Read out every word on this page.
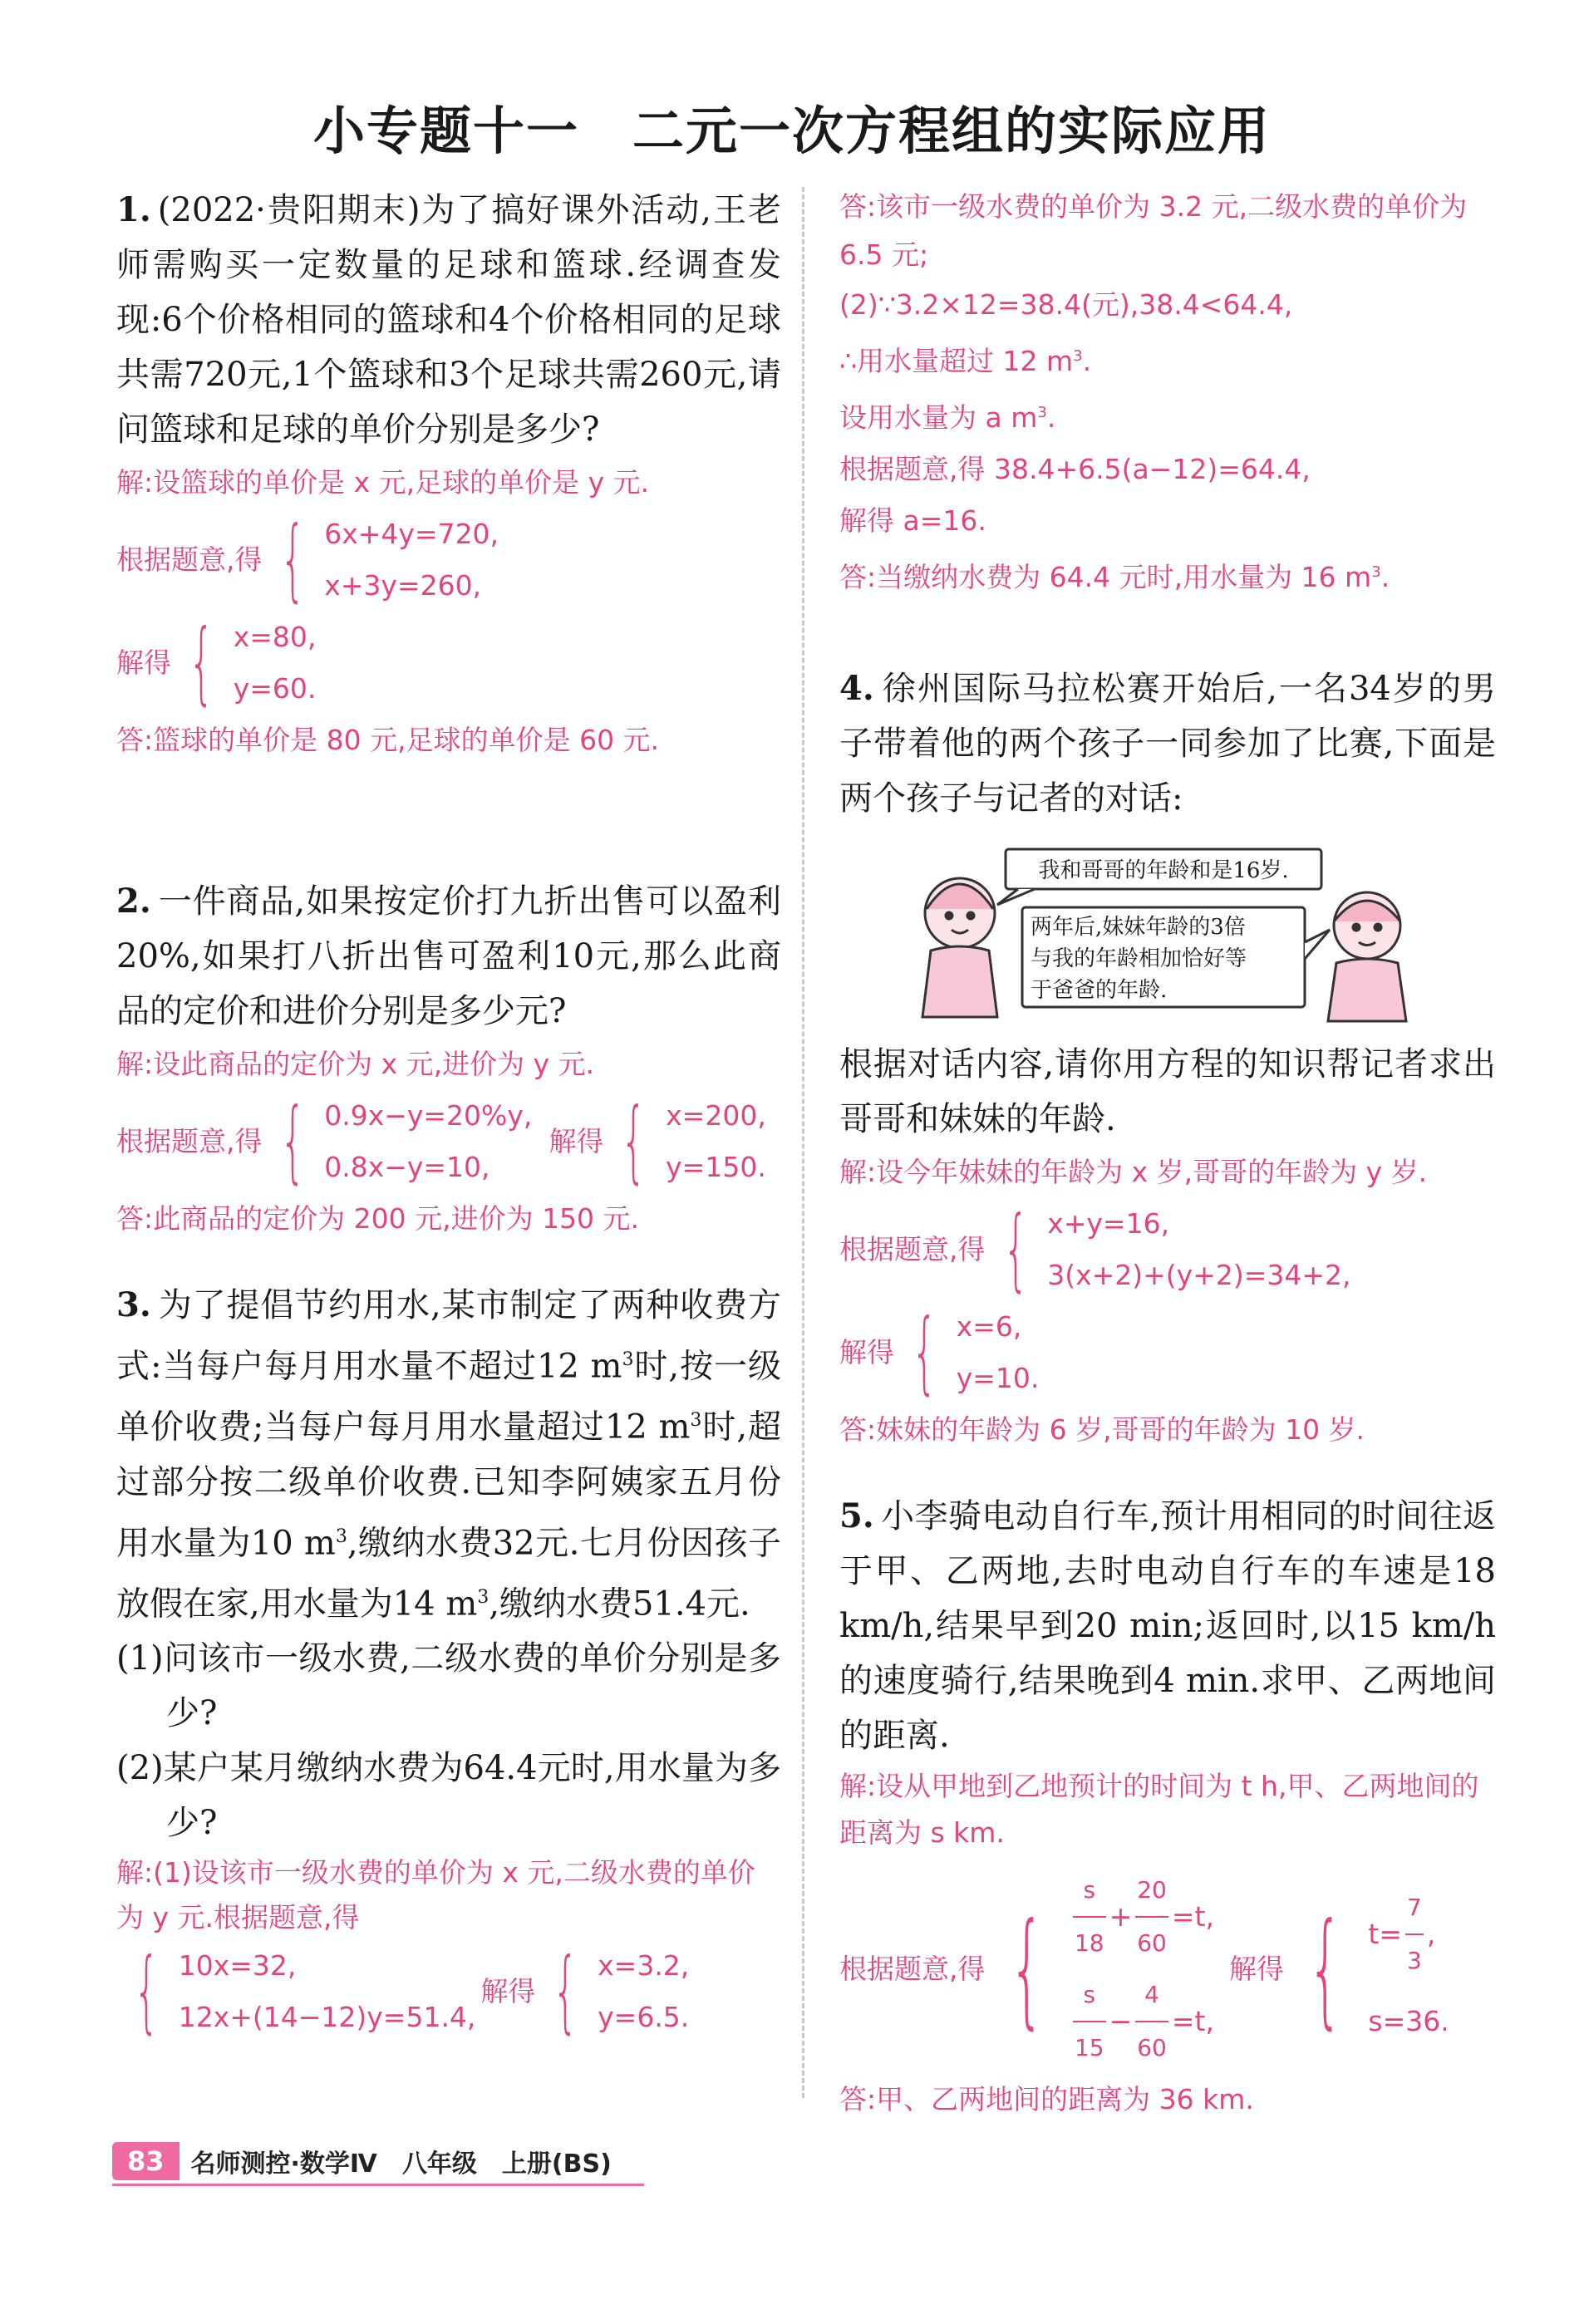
小专题十一　二元一次方程组的实际应用

1. (2022·贵阳期末)为了搞好课外活动,王老师需购买一定数量的足球和篮球.经调查发现:6个价格相同的篮球和4个价格相同的足球共需720元,1个篮球和3个足球共需260元,请问篮球和足球的单价分别是多少?

解:设篮球的单价是 x 元,足球的单价是 y 元.

根据题意,得 { 6x+4y=720,
x+3y=260,
解得 { x=80,
y=60.

答:篮球的单价是 80 元,足球的单价是 60 元.

2. 一件商品,如果按定价打九折出售可以盈利20%,如果打八折出售可盈利10元,那么此商品的定价和进价分别是多少元?

解:设此商品的定价为 x 元,进价为 y 元.

根据题意,得 { 0.9x−y=20%y,
0.8x−y=10,
解得 { x=200,
y=150.

答:此商品的定价为 200 元,进价为 150 元.

3. 为了提倡节约用水,某市制定了两种收费方式:当每户每月用水量不超过12 $m^3$时,按一级单价收费;当每户每月用水量超过12 $m^3$时,超过部分按二级单价收费.已知李阿姨家五月份用水量为10 $m^3$,缴纳水费32元.七月份因孩子放假在家,用水量为14 $m^3$,缴纳水费51.4元.

(1)问该市一级水费,二级水费的单价分别是多少?

(2)某户某月缴纳水费为64.4元时,用水量为多少?

解:(1)设该市一级水费的单价为 x 元,二级水费的单价为 y 元.根据题意,得

{ 10x=32,
12x+(14−12)y=51.4,
解得 { x=3.2,
y=6.5.

答:该市一级水费的单价为 3.2 元,二级水费的单价为 6.5 元;

(2)∵3.2×12=38.4(元),38.4<64.4,

∴用水量超过 12 $m^3$.

设用水量为 a $m^3$.

根据题意,得 38.4+6.5(a−12)=64.4,

解得 a=16.

答:当缴纳水费为 64.4 元时,用水量为 16 $m^3$.

4. 徐州国际马拉松赛开始后,一名34岁的男子带着他的两个孩子一同参加了比赛,下面是两个孩子与记者的对话:

我和哥哥的年龄和是16岁.
两年后,妹妹年龄的3倍
与我的年龄相加恰好等
于爸爸的年龄.

根据对话内容,请你用方程的知识帮记者求出哥哥和妹妹的年龄.

解:设今年妹妹的年龄为 x 岁,哥哥的年龄为 y 岁.

根据题意,得 { x+y=16,
3(x+2)+(y+2)=34+2,
解得 { x=6,
y=10.

答:妹妹的年龄为 6 岁,哥哥的年龄为 10 岁.

5. 小李骑电动自行车,预计用相同的时间往返于甲、乙两地,去时电动自行车的车速是18 km/h,结果早到20 min;返回时,以15 km/h的速度骑行,结果晚到4 min.求甲、乙两地间的距离.

解:设从甲地到乙地预计的时间为 t h,甲、乙两地间的距离为 s km.

根据题意,得 { $\frac{s}{18} + \frac{20}{60} =t$,
$\frac{s}{15} - \frac{4}{60} =t$,
解得 { $t= \frac{7}{3}$ ,
s=36.

答:甲、乙两地间的距离为 36 km.

83	名师测控·数学Ⅳ　八年级　上册(BS)
